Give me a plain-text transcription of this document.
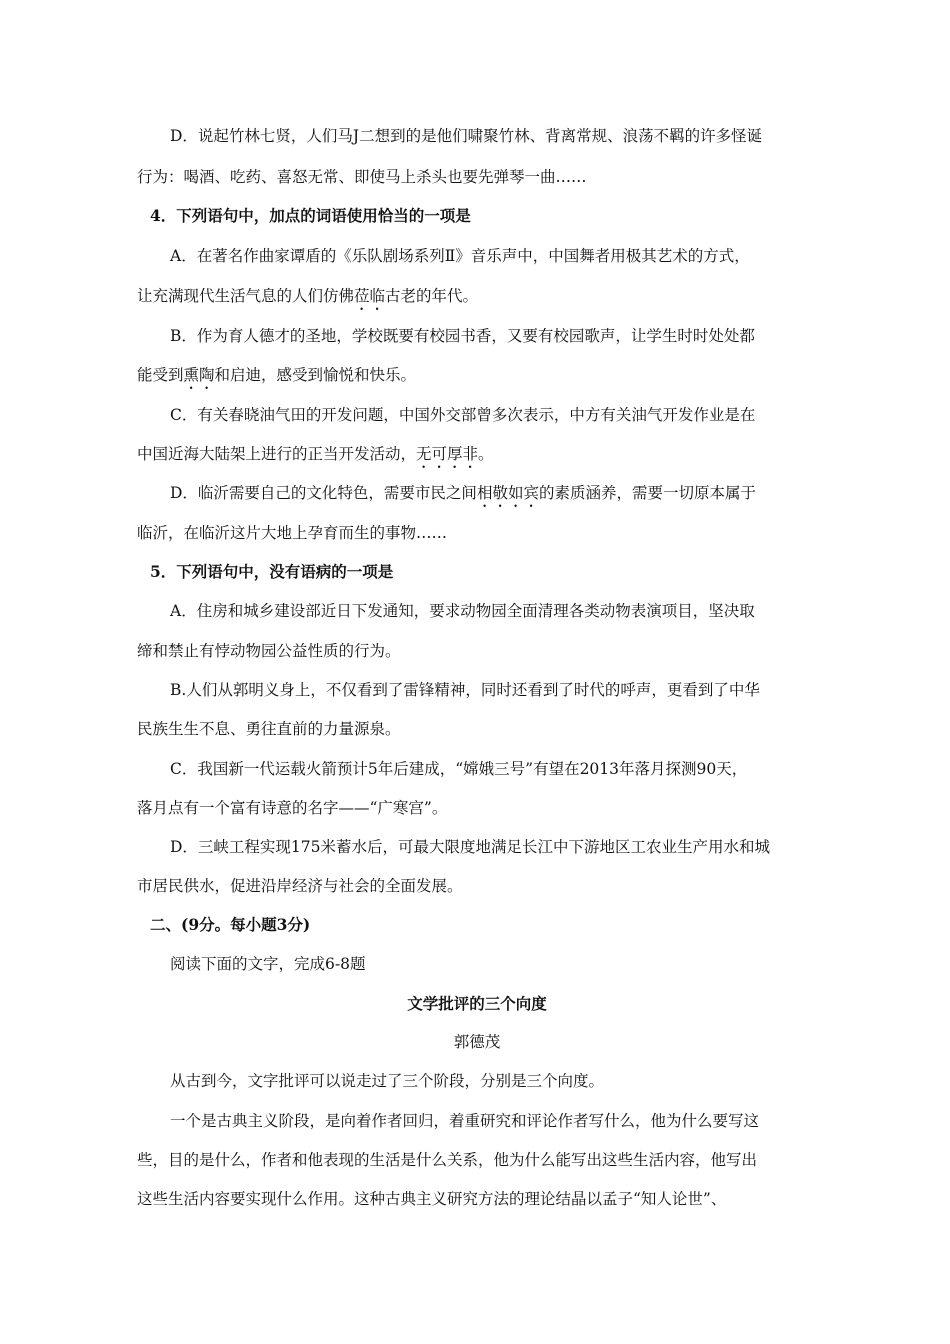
D．说起竹林七贤，人们马J二想到的是他们啸聚竹林、背离常规、浪荡不羁的许多怪诞
行为：喝酒、吃药、喜怒无常、即使马上杀头也要先弹琴一曲……
4．下列语句中，加点的词语使用恰当的一项是
A．在著名作曲家谭盾的《乐队剧场系列Ⅱ》音乐声中，中国舞者用极其艺术的方式，
让充满现代生活气息的人们仿佛莅临古老的年代。
B．作为育人德才的圣地，学校既要有校园书香，又要有校园歌声，让学生时时处处都
能受到熏陶和启迪，感受到愉悦和快乐。
C．有关春晓油气田的开发问题，中国外交部曾多次表示，中方有关油气开发作业是在
中国近海大陆架上进行的正当开发活动，无可厚非。
D．临沂需要自己的文化特色，需要市民之间相敬如宾的素质涵养，需要一切原本属于
临沂，在临沂这片大地上孕育而生的事物……
5．下列语句中，没有语病的一项是
A．住房和城乡建设部近日下发通知，要求动物园全面清理各类动物表演项目，坚决取
缔和禁止有悖动物园公益性质的行为。
B.人们从郭明义身上，不仅看到了雷锋精神，同时还看到了时代的呼声，更看到了中华
民族生生不息、勇往直前的力量源泉。
C．我国新一代运载火箭预计5年后建成，“嫦娥三号”有望在2013年落月探测90天，
落月点有一个富有诗意的名字——“广寒宫”。
D．三峡工程实现175米蓄水后，可最大限度地满足长江中下游地区工农业生产用水和城
市居民供水，促进沿岸经济与社会的全面发展。
二、(9分。每小题3分)
阅读下面的文字，完成6-8题
文学批评的三个向度
郭德茂
从古到今，文字批评可以说走过了三个阶段，分别是三个向度。
一个是古典主义阶段，是向着作者回归，着重研究和评论作者写什么，他为什么要写这
些，目的是什么，作者和他表现的生活是什么关系，他为什么能写出这些生活内容，他写出
这些生活内容要实现什么作用。这种古典主义研究方法的理论结晶以孟子“知人论世”、
